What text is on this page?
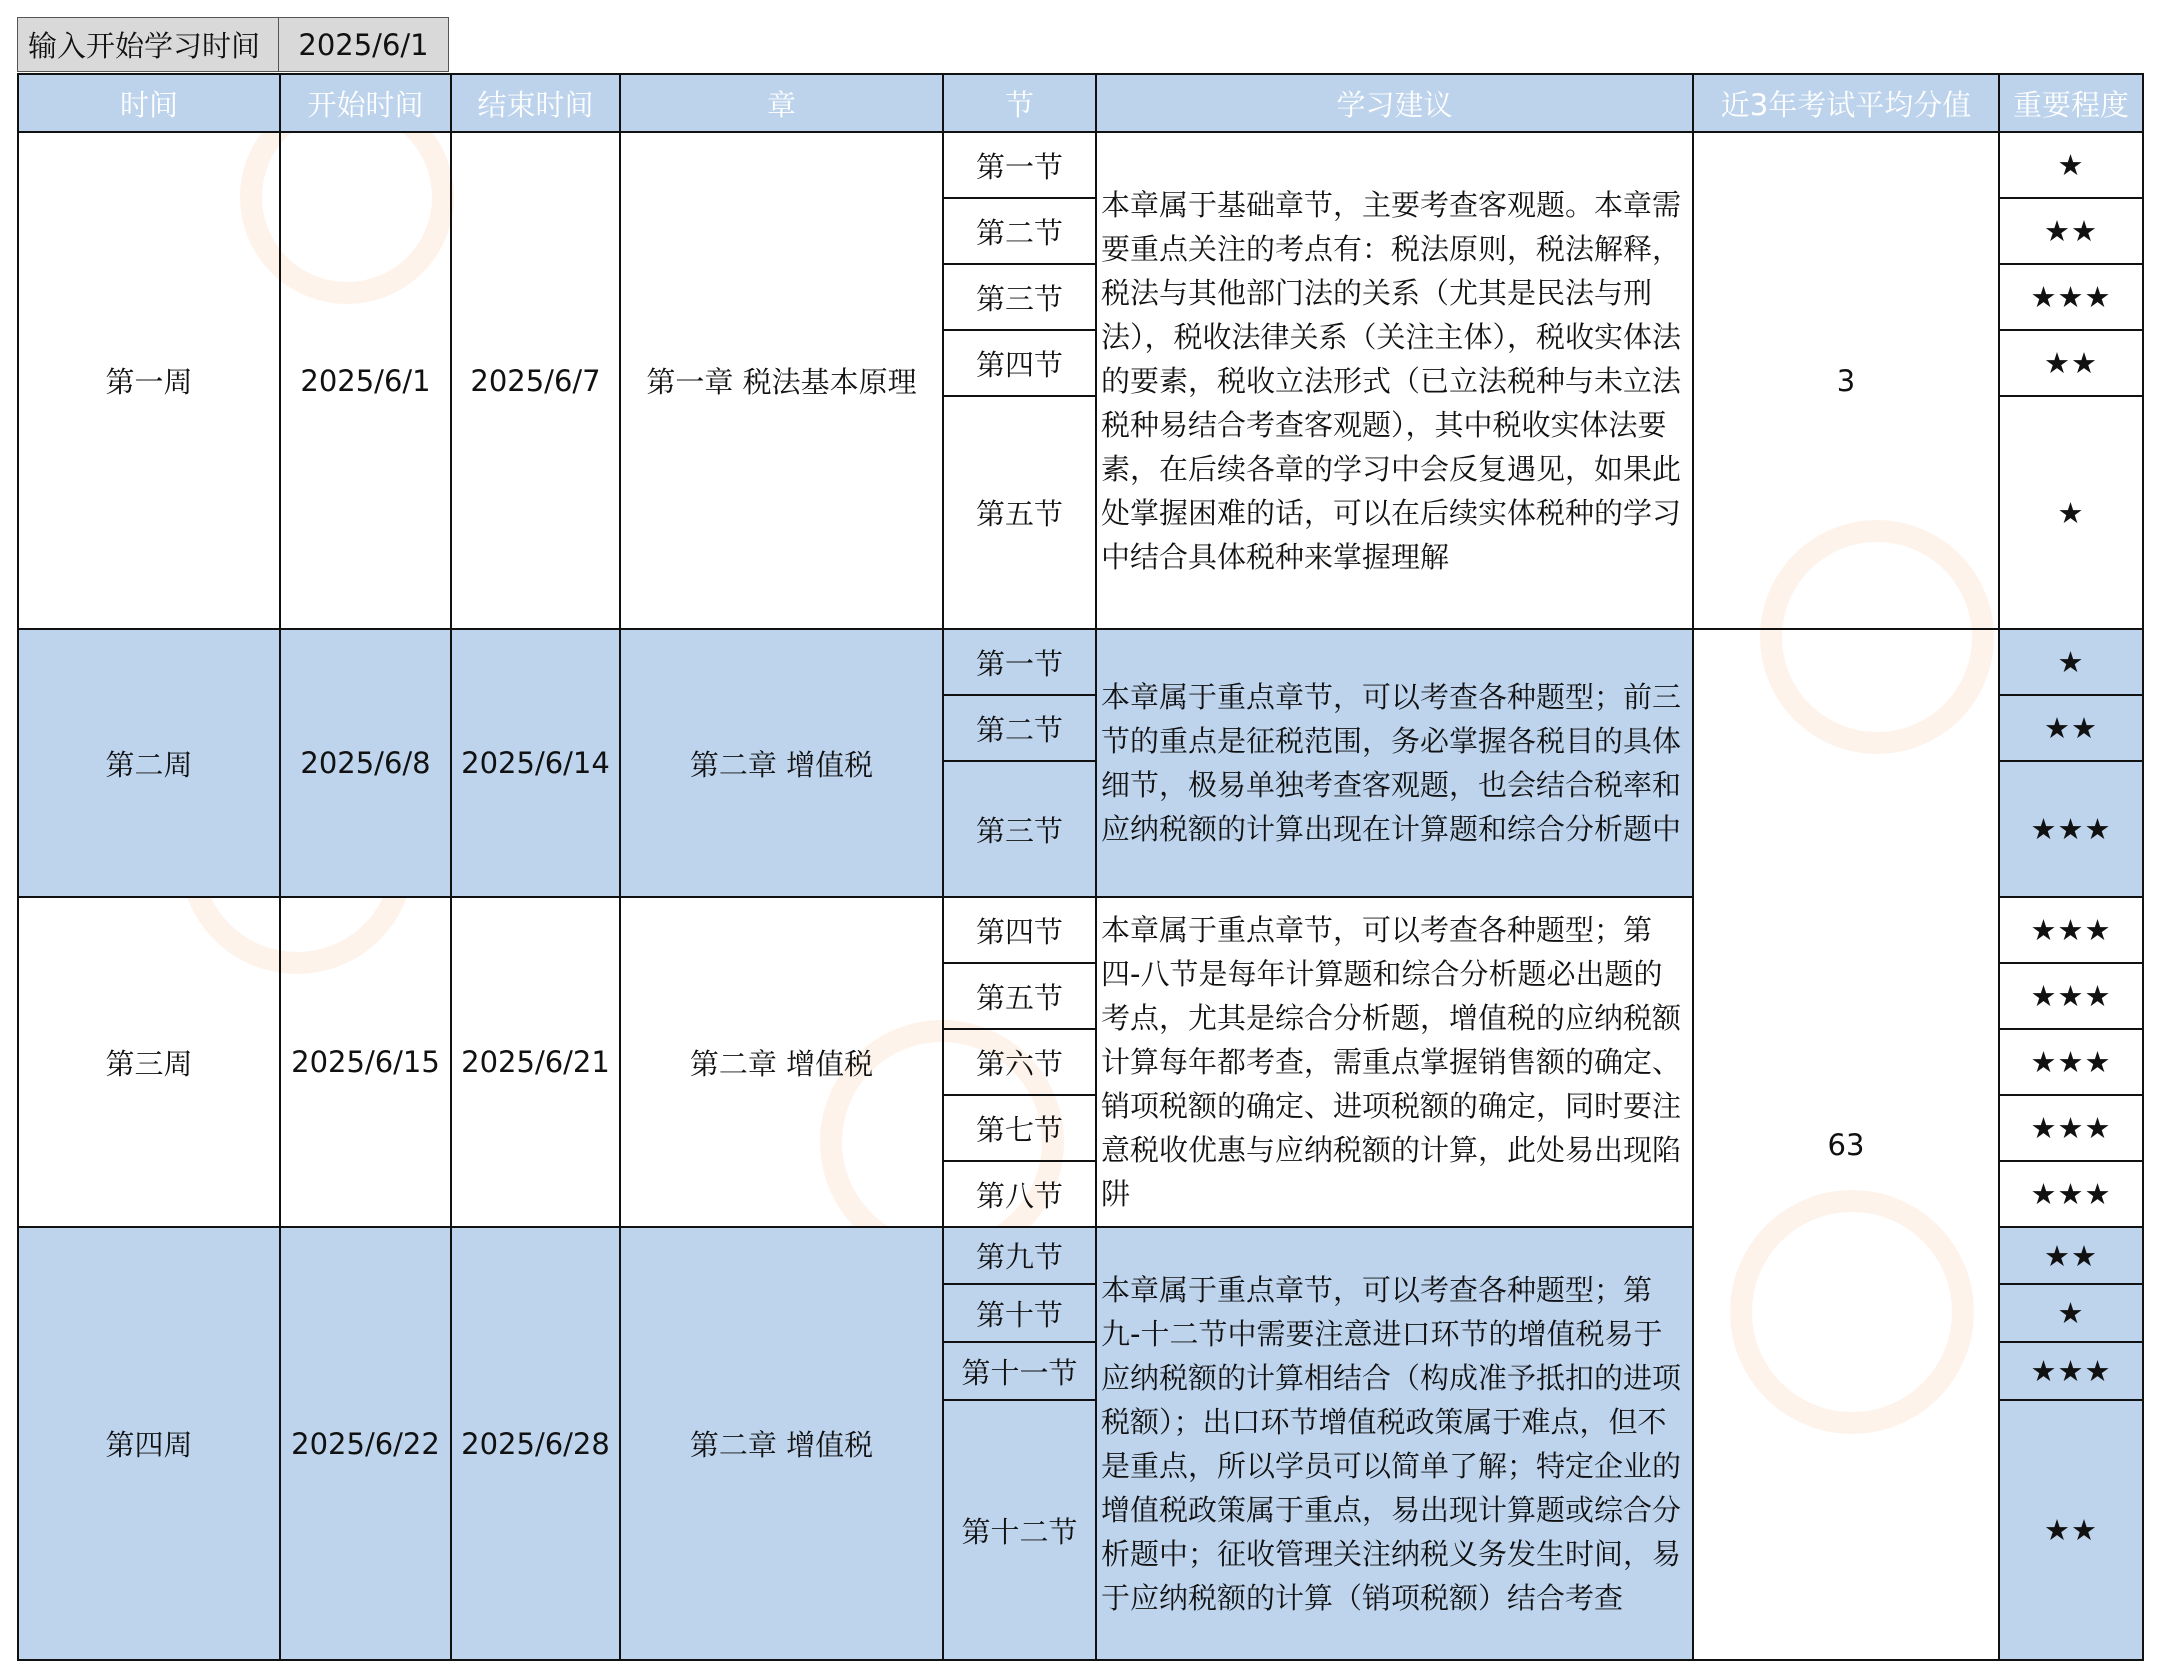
输入开始学习时间	2025/6/1
时间	开始时间	结束时间	章	节	学习建议	近3年考试平均分值	重要程度
第一周	2025/6/1	2025/6/7	第一章 税法基本原理	第一节	本章属于基础章节，主要考查客观题。本章需要重点关注的考点有：税法原则，税法解释，税法与其他部门法的关系（尤其是民法与刑法），税收法律关系（关注主体），税收实体法的要素，税收立法形式（已立法税种与未立法税种易结合考查客观题），其中税收实体法要素，在后续各章的学习中会反复遇见，如果此处掌握困难的话，可以在后续实体税种的学习中结合具体税种来掌握理解	3	★
				第二节			★★
				第三节			★★★
				第四节			★★
				第五节			★
第二周	2025/6/8	2025/6/14	第二章 增值税	第一节	本章属于重点章节，可以考查各种题型；前三节的重点是征税范围，务必掌握各税目的具体细节，极易单独考查客观题，也会结合税率和应纳税额的计算出现在计算题和综合分析题中	63	★
				第二节			★★
				第三节			★★★
第三周	2025/6/15	2025/6/21	第二章 增值税	第四节	本章属于重点章节，可以考查各种题型；第四-八节是每年计算题和综合分析题必出题的考点，尤其是综合分析题，增值税的应纳税额计算每年都考查，需重点掌握销售额的确定、销项税额的确定、进项税额的确定，同时要注意税收优惠与应纳税额的计算，此处易出现陷阱		★★★
				第五节			★★★
				第六节			★★★
				第七节			★★★
				第八节			★★★
第四周	2025/6/22	2025/6/28	第二章 增值税	第九节	本章属于重点章节，可以考查各种题型；第九-十二节中需要注意进口环节的增值税易于应纳税额的计算相结合（构成准予抵扣的进项税额）；出口环节增值税政策属于难点，但不是重点，所以学员可以简单了解；特定企业的增值税政策属于重点，易出现计算题或综合分析题中；征收管理关注纳税义务发生时间，易于应纳税额的计算（销项税额）结合考查		★★
				第十节			★
				第十一节			★★★
				第十二节			★★
